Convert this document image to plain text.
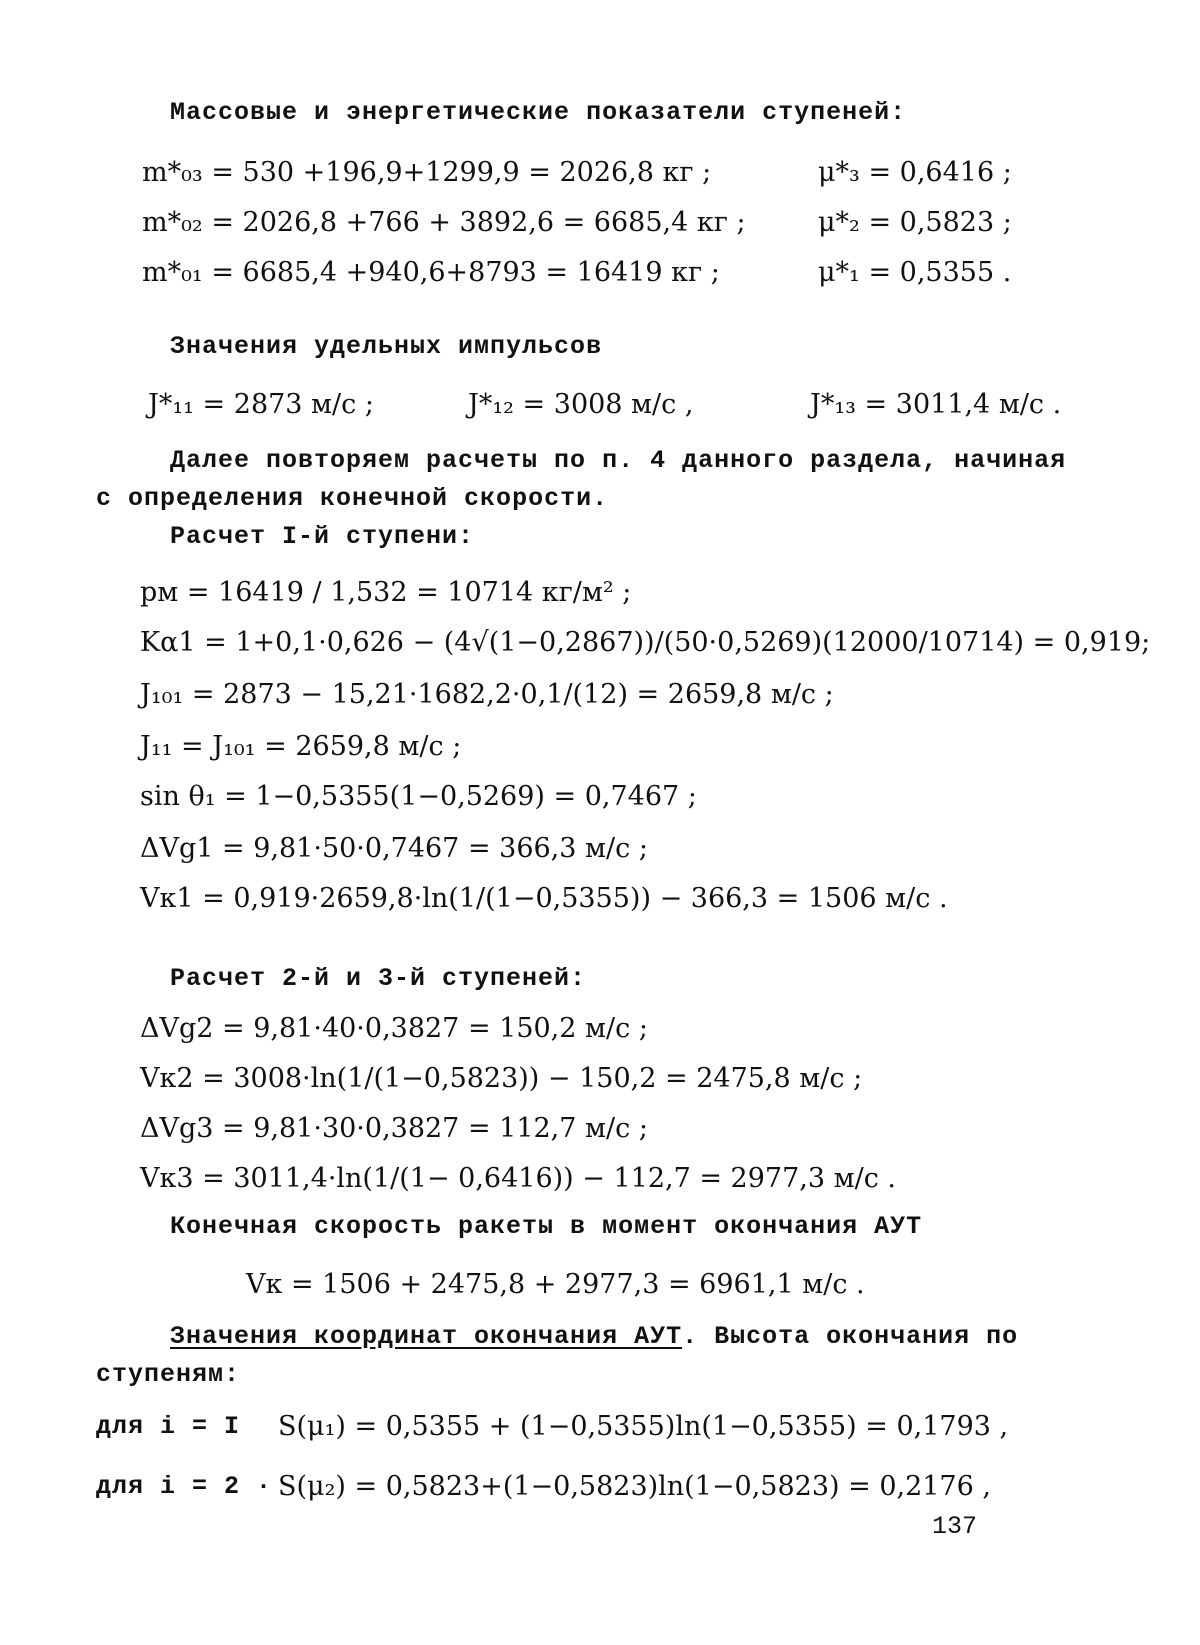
Массовые и энергетические показатели ступеней:
m*₀₃ = 530 +196,9+1299,9 = 2026,8 кг ;	μ*₃ = 0,6416 ;
m*₀₂ = 2026,8 +766 + 3892,6 = 6685,4 кг ;	μ*₂ = 0,5823 ;
m*₀₁ = 6685,4 +940,6+8793 = 16419 кг ;	μ*₁ = 0,5355 .
Значения удельных импульсов
J*₁₁ = 2873 м/с ;	J*₁₂ = 3008 м/с ,	J*₁₃ = 3011,4 м/с .
Далее повторяем расчеты по п. 4 данного раздела, начиная
с определения конечной скорости.
Расчет I-й ступени:
pм = 16419 / 1,532 = 10714 кг/м² ;
Kα1 = 1+0,1·0,626 − (4√(1−0,2867))/(50·0,5269)(12000/10714) = 0,919;
J₁₀₁ = 2873 − 15,21·1682,2·0,1/(12) = 2659,8 м/с ;
J₁₁ = J₁₀₁ = 2659,8 м/с ;
sin θ₁ = 1−0,5355(1−0,5269) = 0,7467 ;
ΔVg1 = 9,81·50·0,7467 = 366,3 м/с ;
Vк1 = 0,919·2659,8·ln(1/(1−0,5355)) − 366,3 = 1506 м/с .
Расчет 2-й и 3-й ступеней:
ΔVg2 = 9,81·40·0,3827 = 150,2 м/с ;
Vк2 = 3008·ln(1/(1−0,5823)) − 150,2 = 2475,8 м/с ;
ΔVg3 = 9,81·30·0,3827 = 112,7 м/с ;
Vк3 = 3011,4·ln(1/(1− 0,6416)) − 112,7 = 2977,3 м/с .
Конечная скорость ракеты в момент окончания АУТ
Vк = 1506 + 2475,8 + 2977,3 = 6961,1 м/с .
Значения координат окончания АУТ. Высота окончания по
ступеням:
для i = I S(μ₁) = 0,5355 + (1−0,5355)ln(1−0,5355) = 0,1793 ,
для i = 2 · S(μ₂) = 0,5823+(1−0,5823)ln(1−0,5823) = 0,2176 ,
137
